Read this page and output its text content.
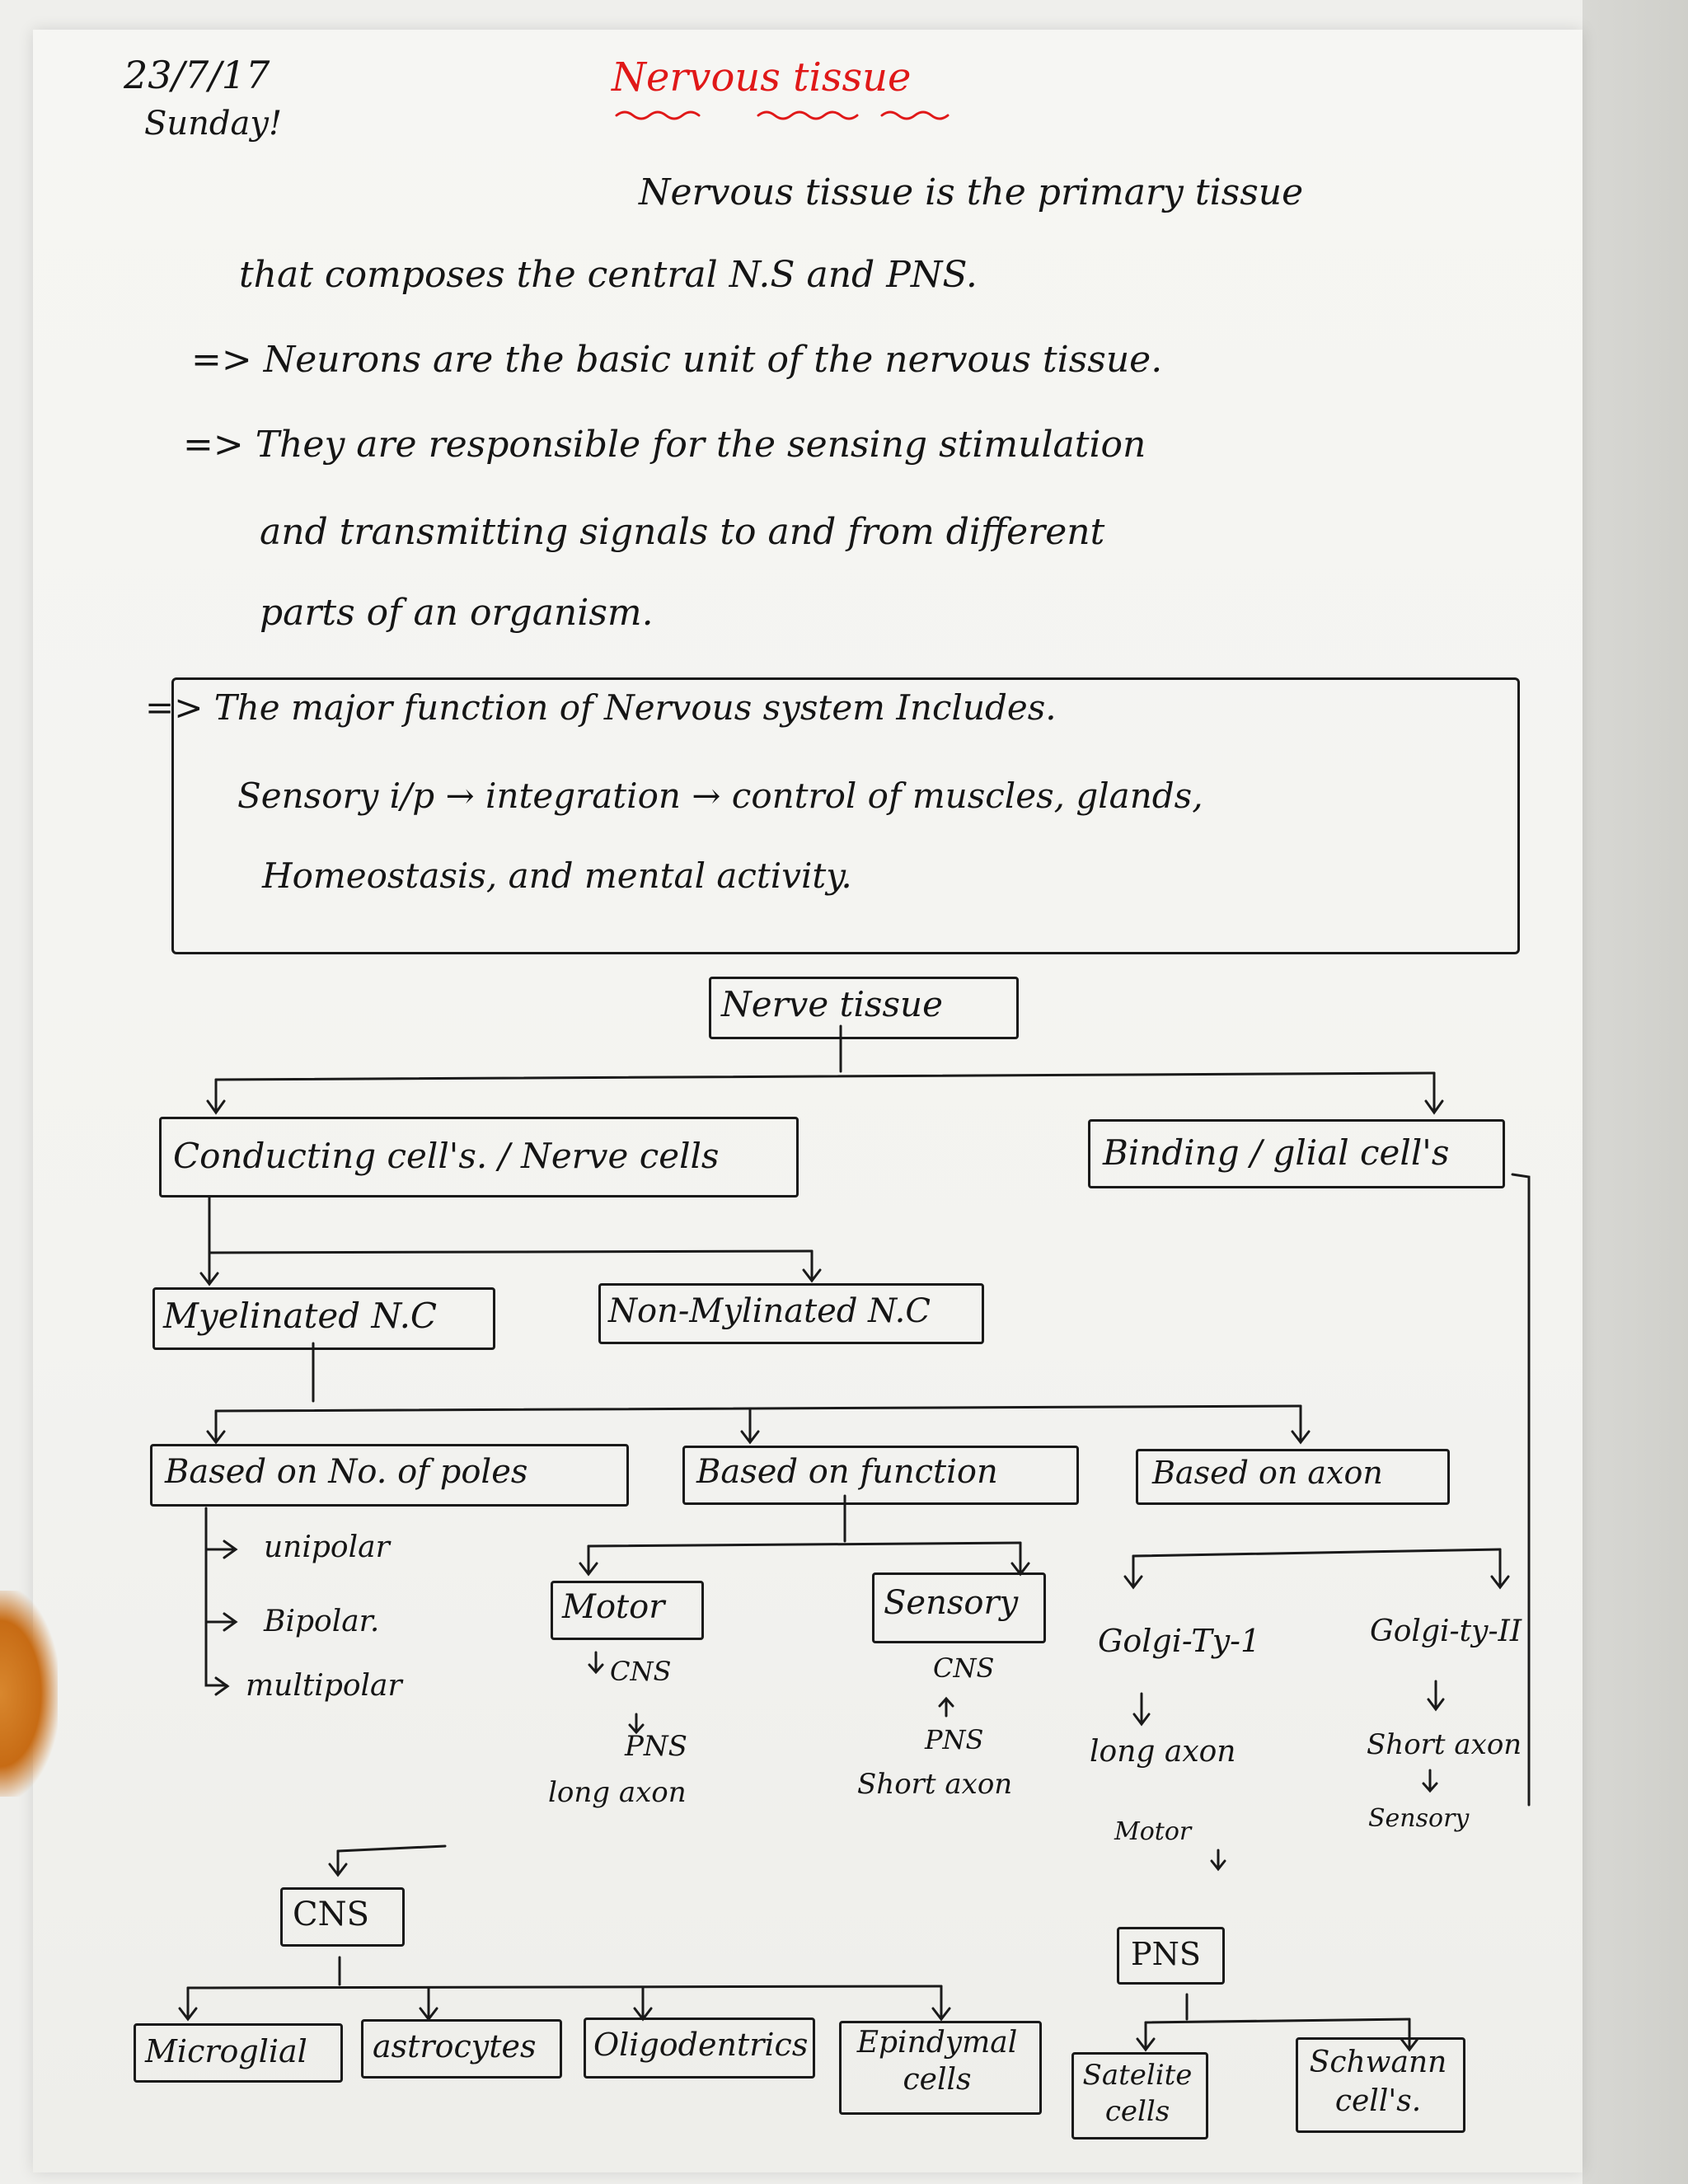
23/7/17
Sunday!
Nervous tissue
Nervous tissue is the primary tissue
that composes the central N.S and PNS.
=> Neurons are the basic unit of the nervous tissue.
=> They are responsible for the sensing stimulation
and transmitting signals to and from different
parts of an organism.
=> The major function of Nervous system Includes.
Sensory i/p → integration → control of muscles, glands,
Homeostasis, and mental activity.
Nerve tissue
Conducting cell's. / Nerve cells	Binding / glial cell's
Myelinated N.C	Non-Mylinated N.C
Based on No. of poles	Based on function	Based on axon
unipolar
Bipolar.
multipolar
Motor
CNS
PNS
long axon
Sensory
CNS
PNS
Short axon
Golgi-Ty-1
long axon
Motor
Golgi-ty-II
Short axon
Sensory
CNS
PNS
Microglial astrocytes Oligodentrics	Epindymal cells	Satelite cells
Schwann cell's.
